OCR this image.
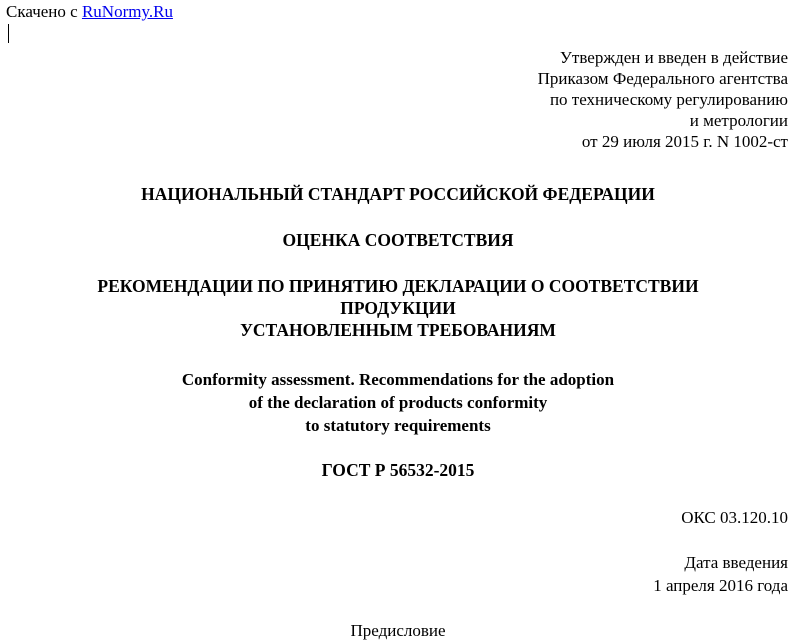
Скачено с RuNormy.Ru
Утвержден и введен в действие
Приказом Федерального агентства
по техническому регулированию
и метрологии
от 29 июля 2015 г. N 1002-ст
НАЦИОНАЛЬНЫЙ СТАНДАРТ РОССИЙСКОЙ ФЕДЕРАЦИИ
ОЦЕНКА СООТВЕТСТВИЯ
РЕКОМЕНДАЦИИ ПО ПРИНЯТИЮ ДЕКЛАРАЦИИ О СООТВЕТСТВИИ
ПРОДУКЦИИ
УСТАНОВЛЕННЫМ ТРЕБОВАНИЯМ
Conformity assessment. Recommendations for the adoption
of the declaration of products conformity
to statutory requirements
ГОСТ Р 56532-2015
ОКС 03.120.10
Дата введения
1 апреля 2016 года
Предисловие
